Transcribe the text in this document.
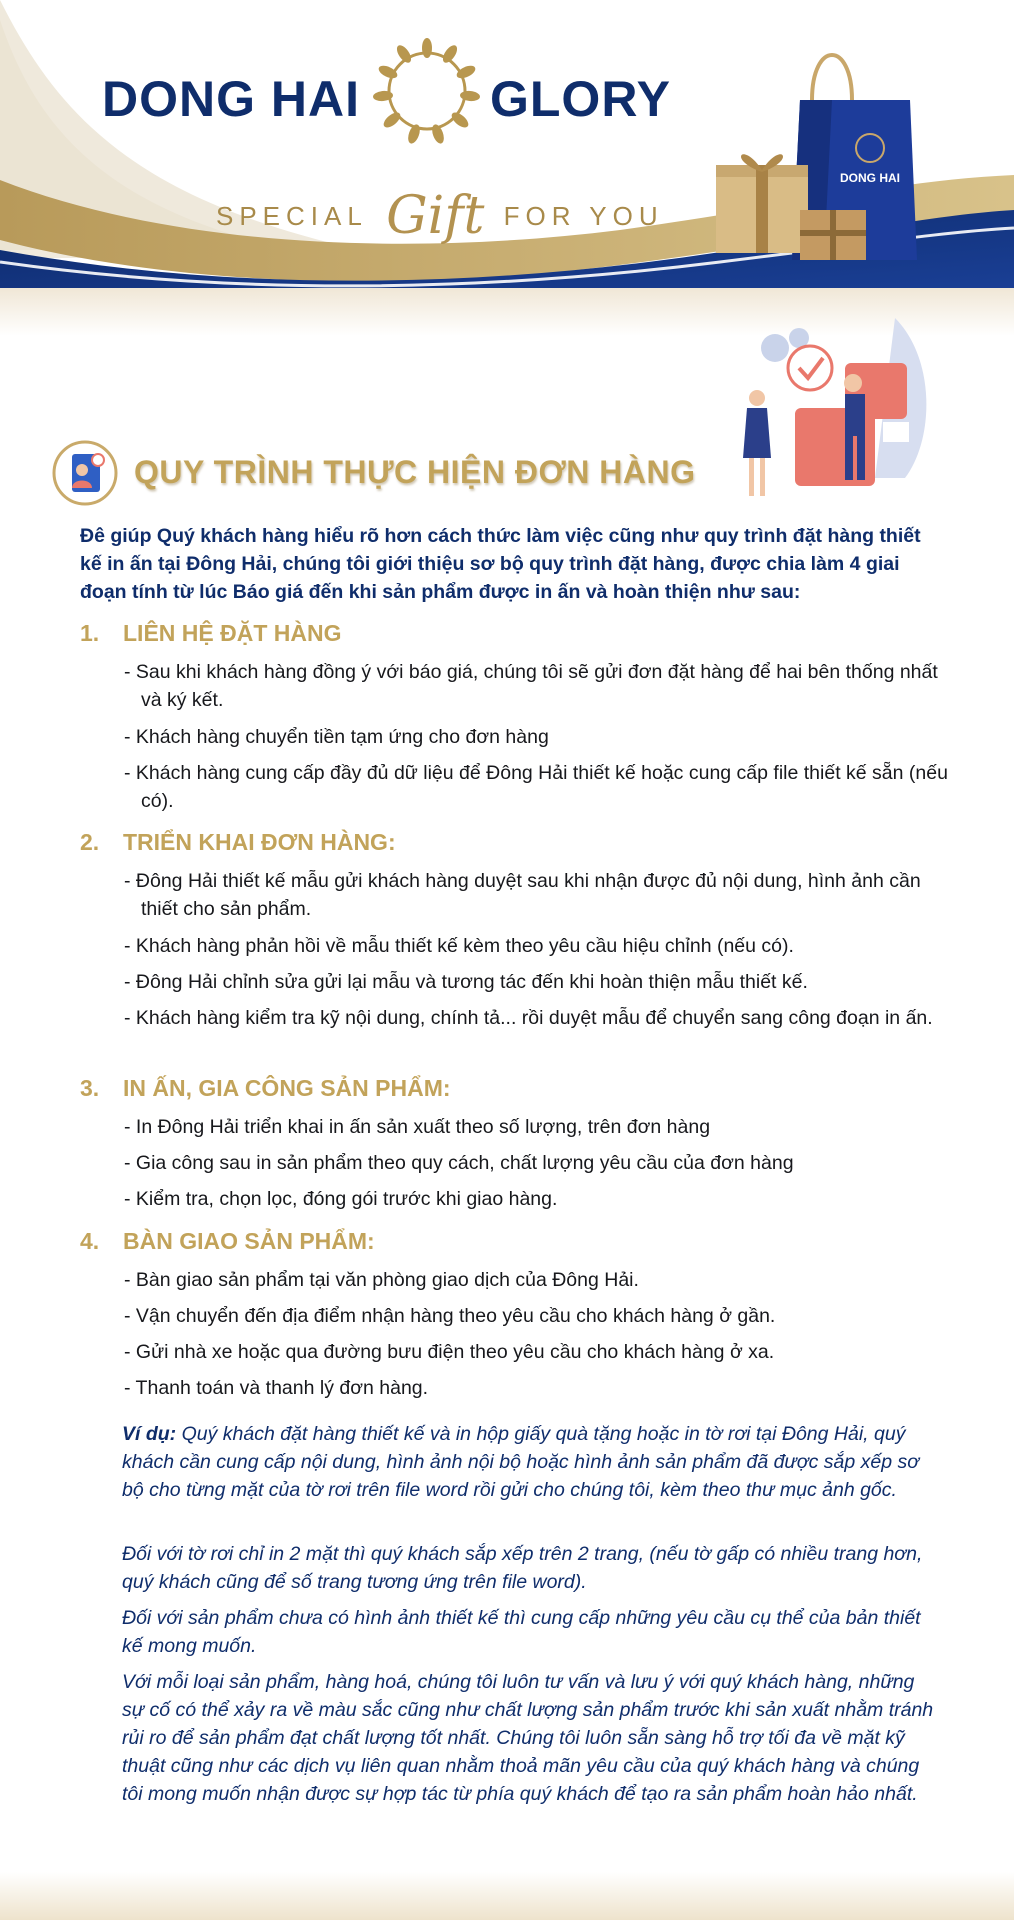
DONG HAI	GLORY
SPECIAL Gift FOR YOU
DONG HAI
QUY TRÌNH THỰC HIỆN ĐƠN HÀNG
Đê giúp Quý khách hàng hiểu rõ hơn cách thức làm việc cũng như quy trình đặt hàng thiết kế in ấn tại Đông Hải, chúng tôi giới thiệu sơ bộ quy trình đặt hàng, được chia làm 4 giai đoạn tính từ lúc Báo giá đến khi sản phẩm được in ấn và hoàn thiện như sau:
1. LIÊN HỆ ĐẶT HÀNG
- Sau khi khách hàng đồng ý với báo giá, chúng tôi sẽ gửi đơn đặt hàng để hai bên thống nhất và ký kết.
- Khách hàng chuyển tiền tạm ứng cho đơn hàng
- Khách hàng cung cấp đầy đủ dữ liệu để Đông Hải thiết kế hoặc cung cấp file thiết kế sẵn (nếu có).
2. TRIỂN KHAI ĐƠN HÀNG:
- Đông Hải thiết kế mẫu gửi khách hàng duyệt sau khi nhận được đủ nội dung, hình ảnh cần thiết cho sản phẩm.
- Khách hàng phản hồi về mẫu thiết kế kèm theo yêu cầu hiệu chỉnh (nếu có).
- Đông Hải chỉnh sửa gửi lại mẫu và tương tác đến khi hoàn thiện mẫu thiết kế.
- Khách hàng kiểm tra kỹ nội dung, chính tả... rồi duyệt mẫu để chuyển sang công đoạn in ấn.
3. IN ẤN, GIA CÔNG SẢN PHẨM:
- In Đông Hải triển khai in ấn sản xuất theo số lượng, trên đơn hàng
- Gia công sau in sản phẩm theo quy cách, chất lượng yêu cầu của đơn hàng
- Kiểm tra, chọn lọc, đóng gói trước khi giao hàng.
4. BÀN GIAO SẢN PHẨM:
- Bàn giao sản phẩm tại văn phòng giao dịch của Đông Hải.
- Vận chuyển đến địa điểm nhận hàng theo yêu cầu cho khách hàng ở gần.
- Gửi nhà xe hoặc qua đường bưu điện theo yêu cầu cho khách hàng ở xa.
- Thanh toán và thanh lý đơn hàng.
Ví dụ: Quý khách đặt hàng thiết kế và in hộp giấy quà tặng hoặc in tờ rơi tại Đông Hải, quý khách cần cung cấp nội dung, hình ảnh nội bộ hoặc hình ảnh sản phẩm đã được sắp xếp sơ bộ cho từng mặt của tờ rơi trên file word rồi gửi cho chúng tôi, kèm theo thư mục ảnh gốc.
Đối với tờ rơi chỉ in 2 mặt thì quý khách sắp xếp trên 2 trang, (nếu tờ gấp có nhiều trang hơn, quý khách cũng để số trang tương ứng trên file word).
Đối với sản phẩm chưa có hình ảnh thiết kế thì cung cấp những yêu cầu cụ thể của bản thiết kế mong muốn.
Với mỗi loại sản phẩm, hàng hoá, chúng tôi luôn tư vấn và lưu ý với quý khách hàng, những sự cố có thể xảy ra về màu sắc cũng như chất lượng sản phẩm trước khi sản xuất nhằm tránh rủi ro để sản phẩm đạt chất lượng tốt nhất. Chúng tôi luôn sẵn sàng hỗ trợ tối đa về mặt kỹ thuật cũng như các dịch vụ liên quan nhằm thoả mãn yêu cầu của quý khách hàng và chúng tôi mong muốn nhận được sự hợp tác từ phía quý khách để tạo ra sản phẩm hoàn hảo nhất.
